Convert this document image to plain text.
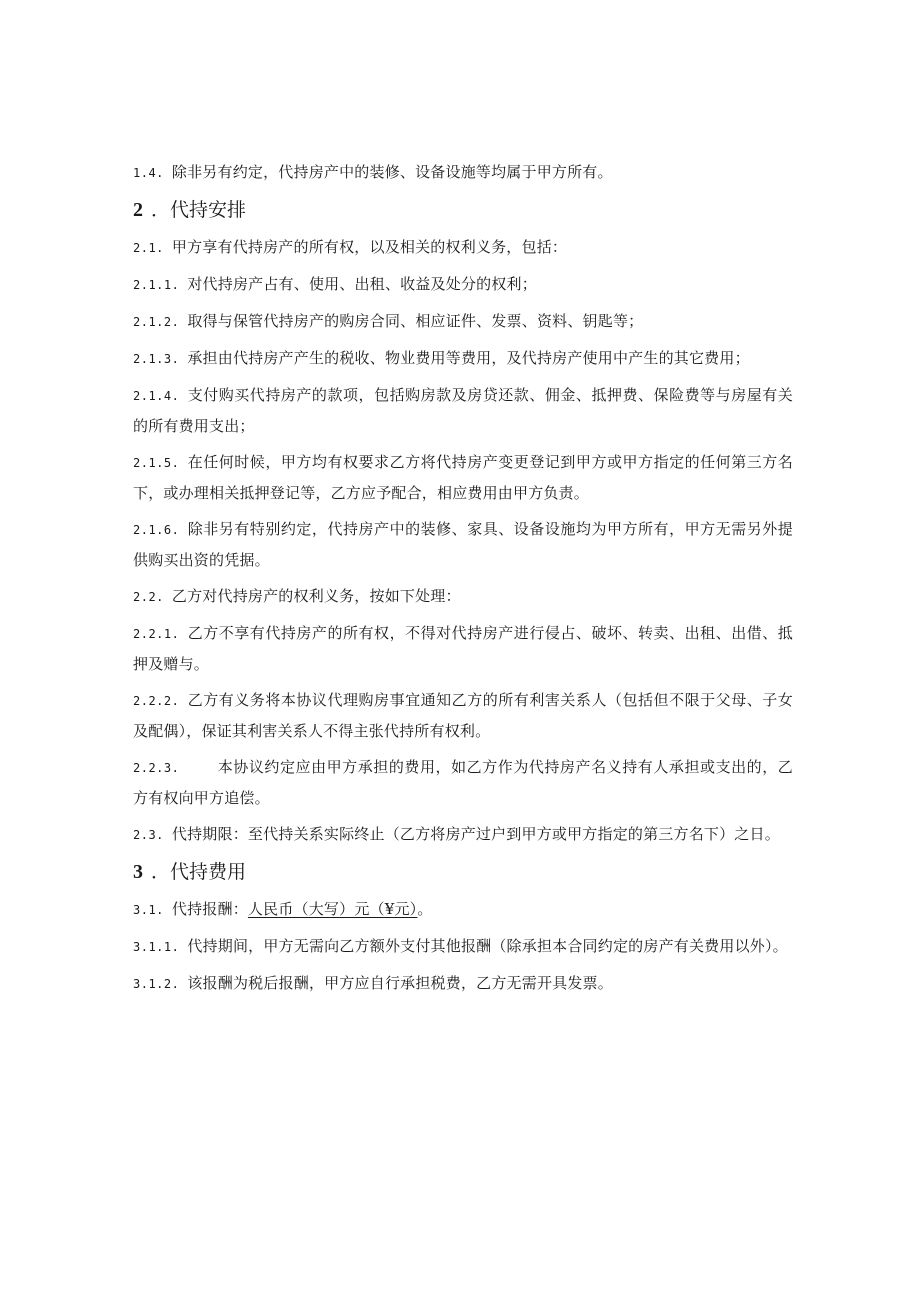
1.4. 除非另有约定，代持房产中的装修、设备设施等均属于甲方所有。
2 ．代持安排
2.1. 甲方享有代持房产的所有权，以及相关的权利义务，包括：
2.1.1. 对代持房产占有、使用、出租、收益及处分的权利；
2.1.2. 取得与保管代持房产的购房合同、相应证件、发票、资料、钥匙等；
2.1.3. 承担由代持房产产生的税收、物业费用等费用，及代持房产使用中产生的其它费用；
2.1.4. 支付购买代持房产的款项，包括购房款及房贷还款、佣金、抵押费、保险费等与房屋有关的所有费用支出；
2.1.5. 在任何时候，甲方均有权要求乙方将代持房产变更登记到甲方或甲方指定的任何第三方名下，或办理相关抵押登记等，乙方应予配合，相应费用由甲方负责。
2.1.6. 除非另有特别约定，代持房产中的装修、家具、设备设施均为甲方所有，甲方无需另外提供购买出资的凭据。
2.2. 乙方对代持房产的权利义务，按如下处理：
2.2.1. 乙方不享有代持房产的所有权，不得对代持房产进行侵占、破坏、转卖、出租、出借、抵押及赠与。
2.2.2. 乙方有义务将本协议代理购房事宜通知乙方的所有利害关系人（包括但不限于父母、子女及配偶），保证其利害关系人不得主张代持所有权利。
2.2.3.	本协议约定应由甲方承担的费用，如乙方作为代持房产名义持有人承担或支出的，乙方有权向甲方追偿。
2.3. 代持期限：至代持关系实际终止（乙方将房产过户到甲方或甲方指定的第三方名下）之日。
3 ．代持费用
3.1. 代持报酬：人民币（大写）元（¥元）。
3.1.1. 代持期间，甲方无需向乙方额外支付其他报酬（除承担本合同约定的房产有关费用以外）。
3.1.2. 该报酬为税后报酬，甲方应自行承担税费，乙方无需开具发票。
